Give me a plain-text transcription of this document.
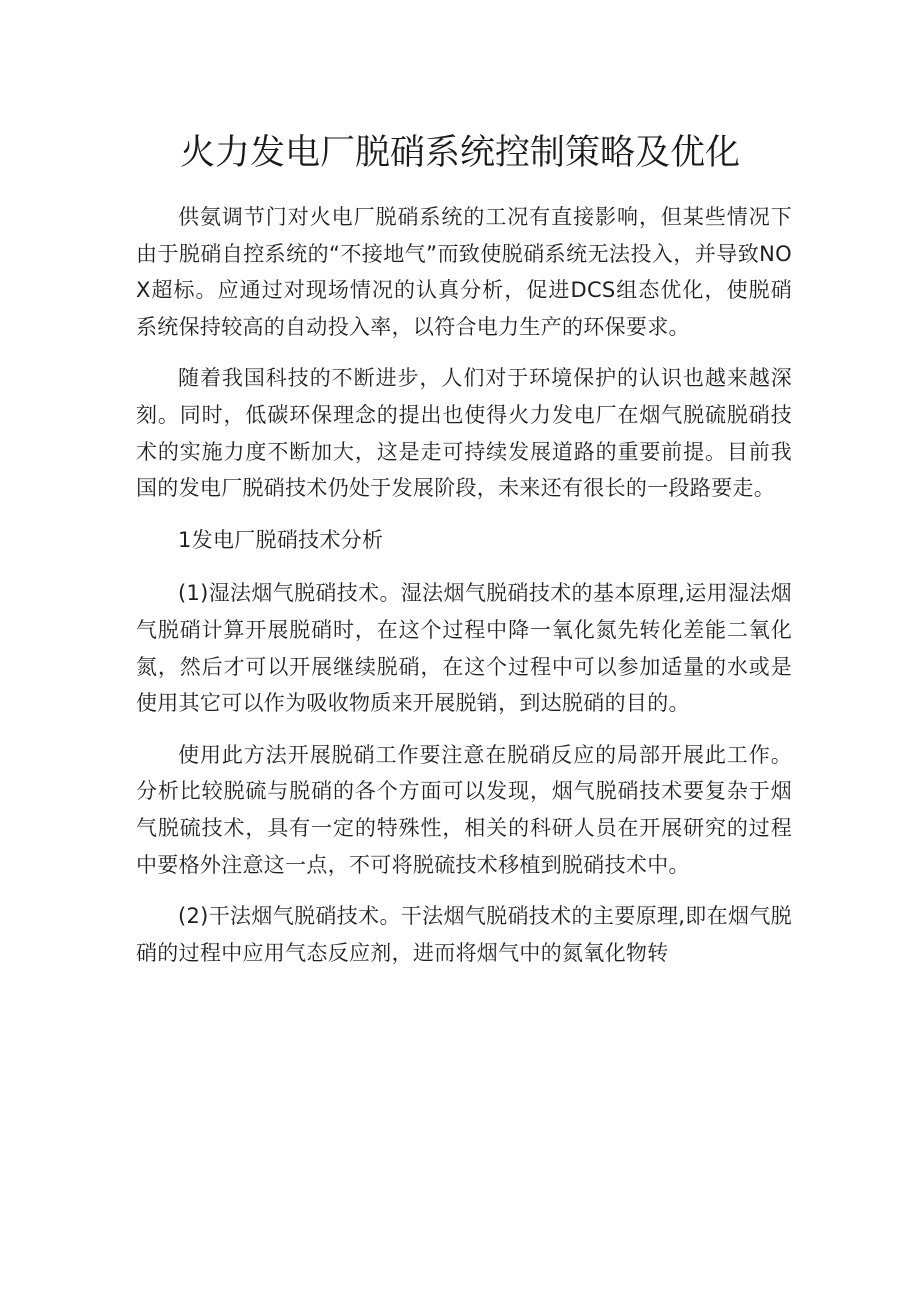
火力发电厂脱硝系统控制策略及优化

供氨调节门对火电厂脱硝系统的工况有直接影响，但某些情况下由于脱硝自控系统的“不接地气”而致使脱硝系统无法投入，并导致NOX超标。应通过对现场情况的认真分析，促进DCS组态优化，使脱硝系统保持较高的自动投入率，以符合电力生产的环保要求。

随着我国科技的不断进步，人们对于环境保护的认识也越来越深刻。同时，低碳环保理念的提出也使得火力发电厂在烟气脱硫脱硝技术的实施力度不断加大，这是走可持续发展道路的重要前提。目前我国的发电厂脱硝技术仍处于发展阶段，未来还有很长的一段路要走。

1发电厂脱硝技术分析

(1)湿法烟气脱硝技术。湿法烟气脱硝技术的基本原理,运用湿法烟气脱硝计算开展脱硝时，在这个过程中降一氧化氮先转化差能二氧化氮，然后才可以开展继续脱硝，在这个过程中可以参加适量的水或是使用其它可以作为吸收物质来开展脱销，到达脱硝的目的。

使用此方法开展脱硝工作要注意在脱硝反应的局部开展此工作。分析比较脱硫与脱硝的各个方面可以发现，烟气脱硝技术要复杂于烟气脱硫技术，具有一定的特殊性，相关的科研人员在开展研究的过程中要格外注意这一点，不可将脱硫技术移植到脱硝技术中。

(2)干法烟气脱硝技术。干法烟气脱硝技术的主要原理,即在烟气脱硝的过程中应用气态反应剂，进而将烟气中的氮氧化物转
